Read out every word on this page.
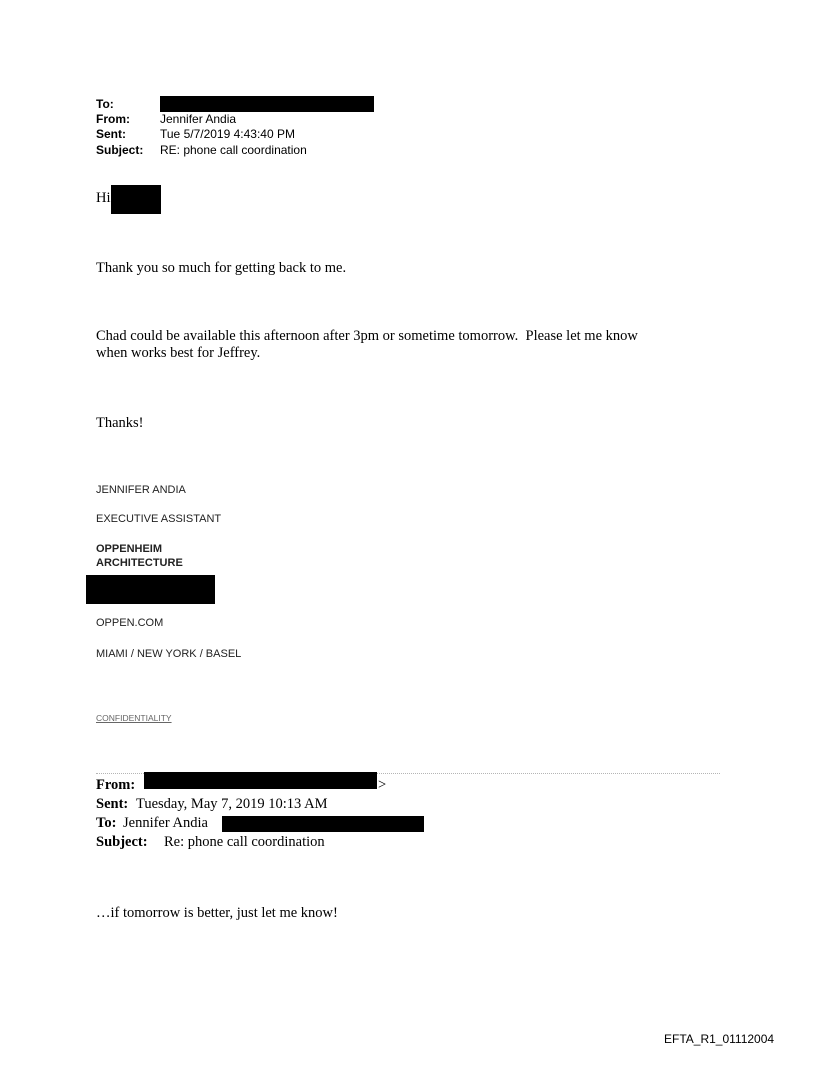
To:
From:	Jennifer Andia
Sent:	Tue 5/7/2019 4:43:40 PM
Subject: RE: phone call coordination
Hi
Thank you so much for getting back to me.
Chad could be available this afternoon after 3pm or sometime tomorrow.  Please let me know
when works best for Jeffrey.
Thanks!
JENNIFER ANDIA
EXECUTIVE ASSISTANT
OPPENHEIM
ARCHITECTURE
OPPEN.COM
MIAMI / NEW YORK / BASEL
CONFIDENTIALITY
From:	>
Sent: Tuesday, May 7, 2019 10:13 AM
To: Jennifer Andia
Subject: Re: phone call coordination
…if tomorrow is better, just let me know!
EFTA_R1_01112004
